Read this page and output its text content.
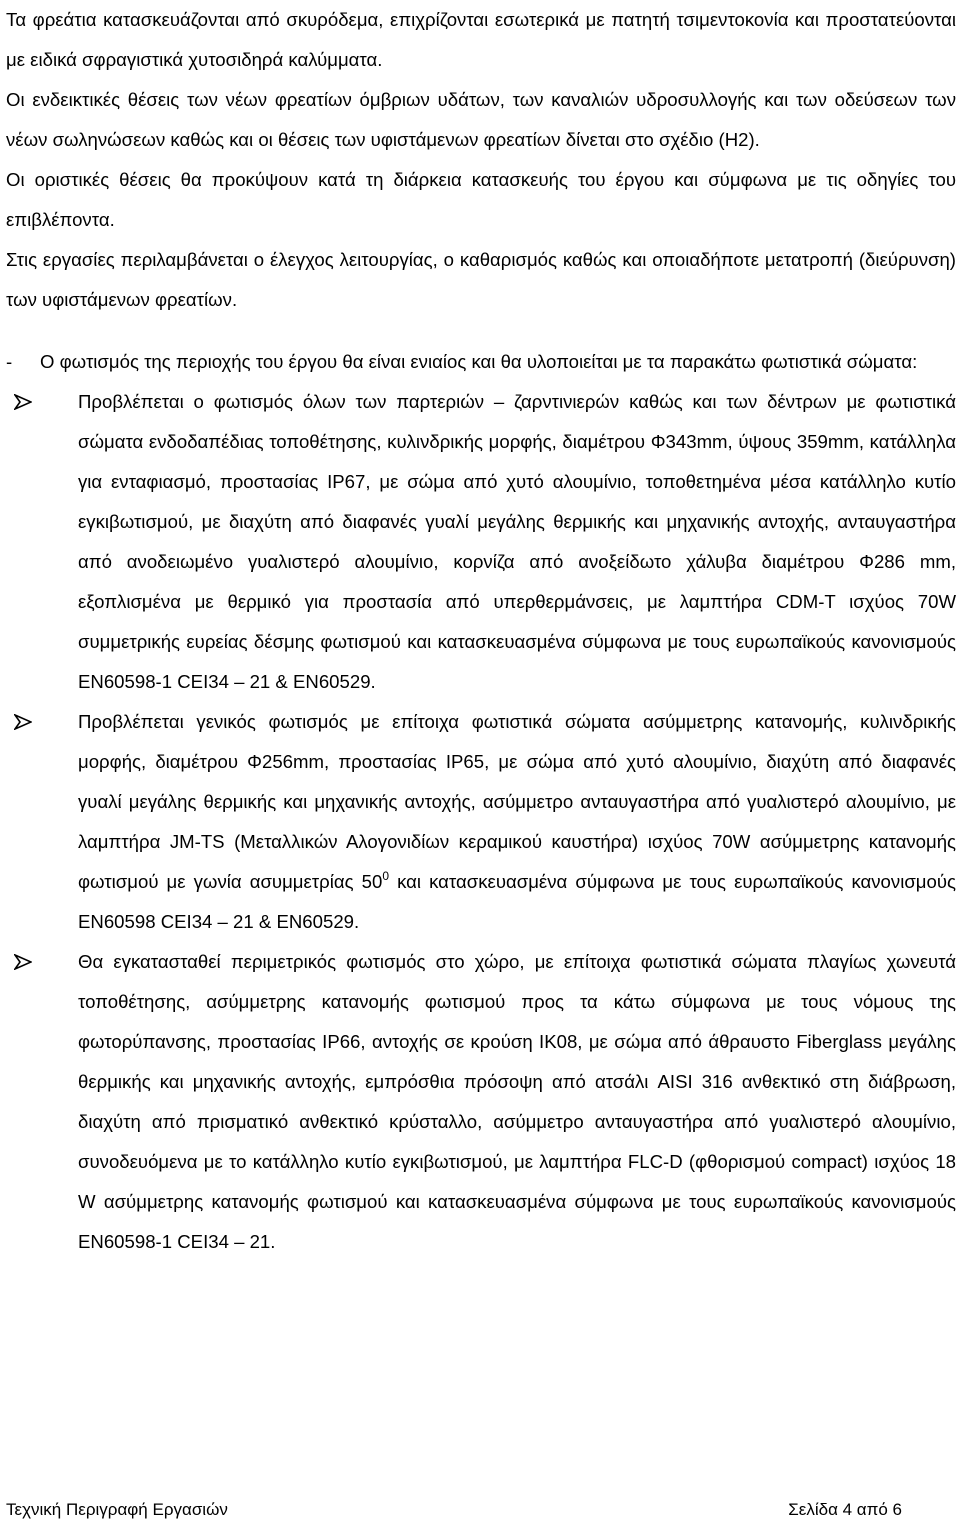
Τα φρεάτια κατασκευάζονται από σκυρόδεμα, επιχρίζονται εσωτερικά με πατητή τσιμεντοκονία και προστατεύονται με ειδικά σφραγιστικά χυτοσιδηρά καλύμματα.

Οι ενδεικτικές θέσεις των νέων φρεατίων όμβριων υδάτων, των καναλιών υδροσυλλογής και των οδεύσεων των νέων σωληνώσεων καθώς και οι θέσεις των υφιστάμενων φρεατίων δίνεται στο σχέδιο (Η2).

Οι οριστικές θέσεις θα προκύψουν κατά τη διάρκεια κατασκευής του έργου και σύμφωνα με τις οδηγίες του επιβλέποντα.

Στις εργασίες περιλαμβάνεται ο έλεγχος λειτουργίας, ο καθαρισμός καθώς και οποιαδήποτε μετατροπή (διεύρυνση) των υφιστάμενων φρεατίων.

- Ο φωτισμός της περιοχής του έργου θα είναι ενιαίος και θα υλοποιείται με τα παρακάτω φωτιστικά σώματα:

Προβλέπεται ο φωτισμός όλων των παρτεριών – ζαρντινιερών καθώς και των δέντρων με φωτιστικά σώματα ενδοδαπέδιας τοποθέτησης, κυλινδρικής μορφής, διαμέτρου Φ343mm, ύψους 359mm, κατάλληλα για ενταφιασμό, προστασίας IP67, με σώμα από χυτό αλουμίνιο, τοποθετημένα μέσα κατάλληλο κυτίο εγκιβωτισμού, με διαχύτη από διαφανές γυαλί μεγάλης θερμικής και μηχανικής αντοχής, ανταυγαστήρα από ανοδειωμένο γυαλιστερό αλουμίνιο, κορνίζα από ανοξείδωτο χάλυβα διαμέτρου Φ286 mm, εξοπλισμένα με θερμικό για προστασία από υπερθερμάνσεις, με λαμπτήρα CDM-T ισχύος 70W συμμετρικής ευρείας δέσμης φωτισμού και κατασκευασμένα σύμφωνα με τους ευρωπαϊκούς κανονισμούς ΕΝ60598-1 CEI34 – 21 & EN60529.
Προβλέπεται γενικός φωτισμός με επίτοιχα φωτιστικά σώματα ασύμμετρης κατανομής, κυλινδρικής μορφής, διαμέτρου Φ256mm, προστασίας IP65, με σώμα από χυτό αλουμίνιο, διαχύτη από διαφανές γυαλί μεγάλης θερμικής και μηχανικής αντοχής, ασύμμετρο ανταυγαστήρα από γυαλιστερό αλουμίνιο, με λαμπτήρα JM-TS (Μεταλλικών Αλογονιδίων κεραμικού καυστήρα) ισχύος 70W ασύμμετρης κατανομής φωτισμού με γωνία ασυμμετρίας $50^0$ και κατασκευασμένα σύμφωνα με τους ευρωπαϊκούς κανονισμούς ΕΝ60598 CEI34 – 21 & EN60529.
Θα εγκατασταθεί περιμετρικός φωτισμός στο χώρο, με επίτοιχα φωτιστικά σώματα πλαγίως χωνευτά τοποθέτησης, ασύμμετρης κατανομής φωτισμού προς τα κάτω σύμφωνα με τους νόμους της φωτορύπανσης, προστασίας IP66, αντοχής σε κρούση ΙΚ08, με σώμα από άθραυστο Fiberglass μεγάλης θερμικής και μηχανικής αντοχής, εμπρόσθια πρόσοψη από ατσάλι AISI 316 ανθεκτικό στη διάβρωση, διαχύτη από πρισματικό ανθεκτικό κρύσταλλο, ασύμμετρο ανταυγαστήρα από γυαλιστερό αλουμίνιο, συνοδευόμενα με το κατάλληλο κυτίο εγκιβωτισμού, με λαμπτήρα FLC-D (φθορισμού compact) ισχύος 18 W ασύμμετρης κατανομής φωτισμού και κατασκευασμένα σύμφωνα με τους ευρωπαϊκούς κανονισμούς ΕΝ60598-1 CEI34 – 21.
Τεχνική Περιγραφή Εργασιών	Σελίδα 4 από 6
